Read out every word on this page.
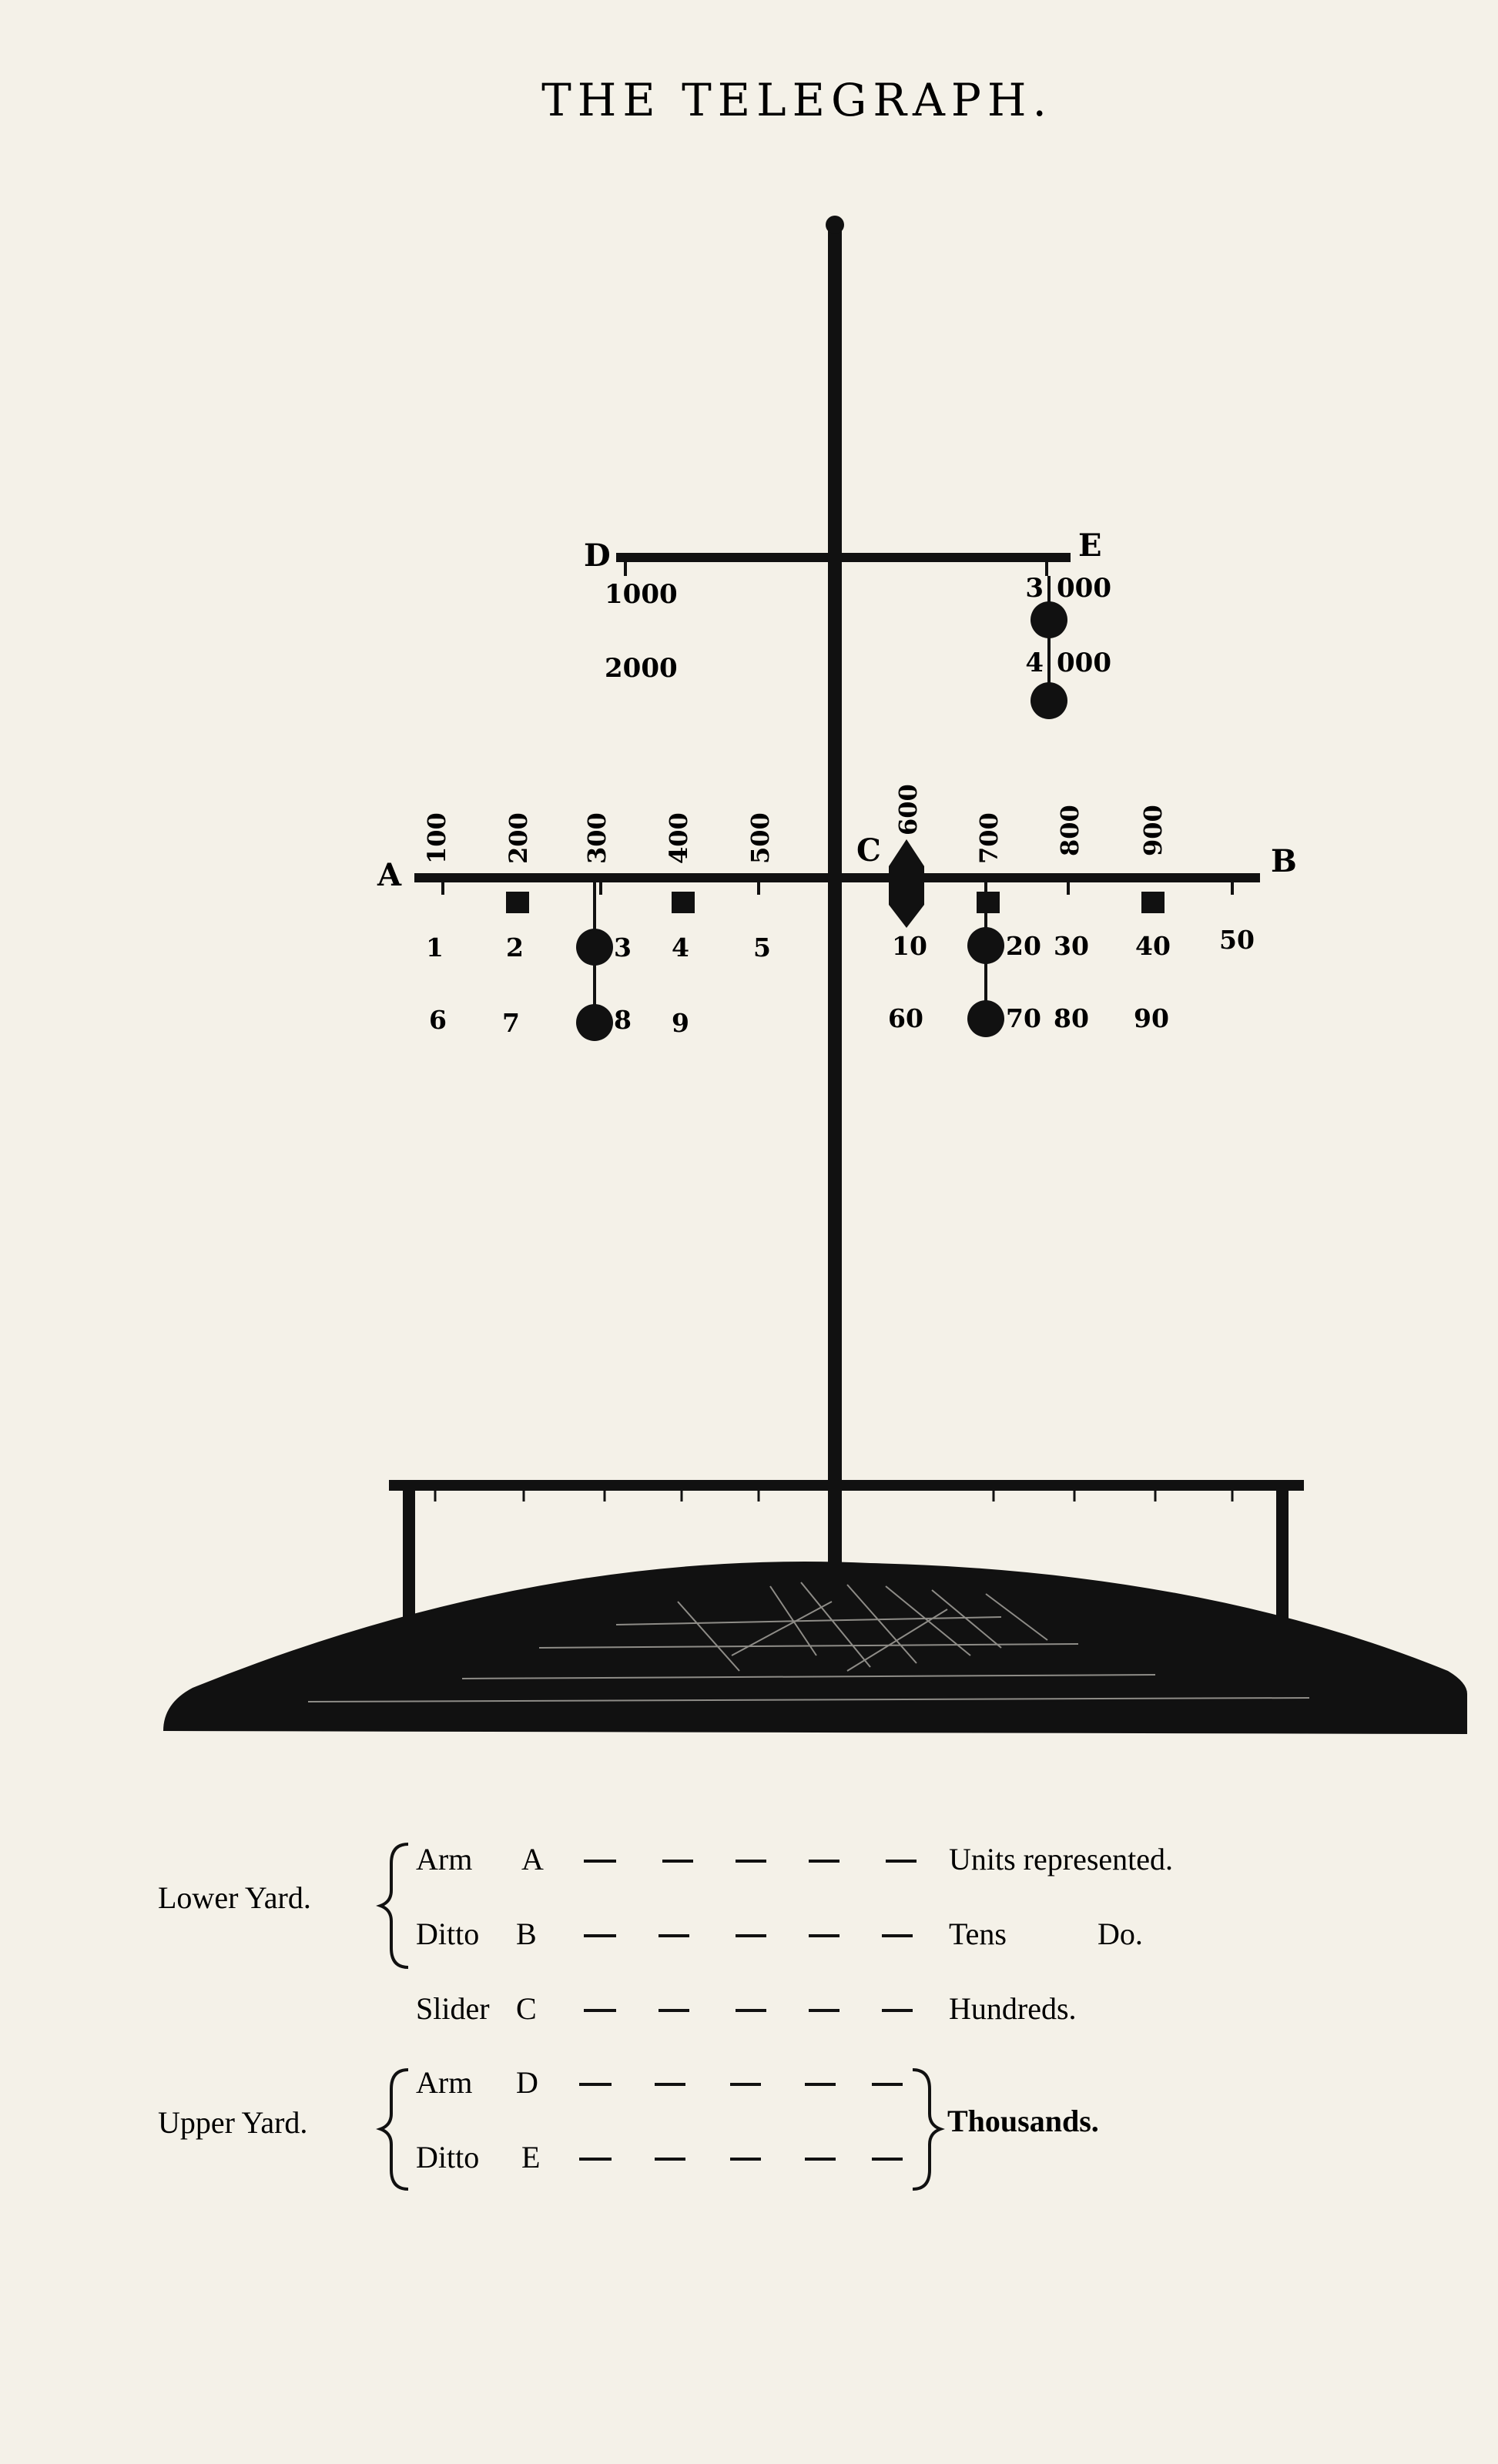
THE TELEGRAPH.
D	E
1000
2000
3 000
4 000
A	B
C
100 200 300 400 500
600
700 800 900
1 2	3 4	5
6 7	8 9
10	20 30 40 50
60	70 80 90
Lower Yard.
Upper Yard.
Arm A	Units represented.
Ditto B	Tens	Do.
Slider C	Hundreds.
Arm D
Ditto E
Thousands.
